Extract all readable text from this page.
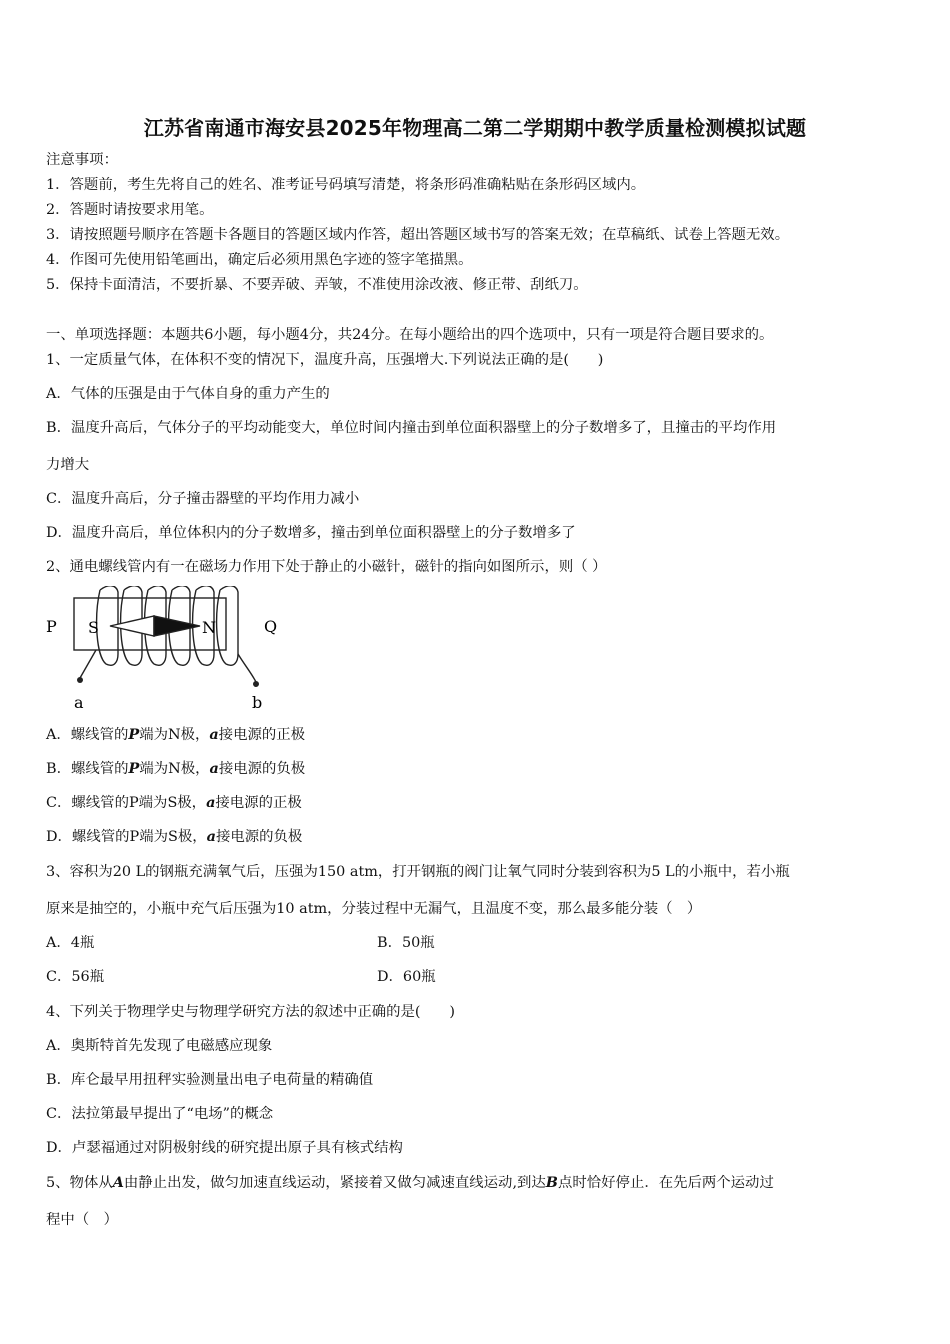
江苏省南通市海安县2025年物理高二第二学期期中教学质量检测模拟试题
注意事项：
1．答题前，考生先将自己的姓名、准考证号码填写清楚，将条形码准确粘贴在条形码区域内。
2．答题时请按要求用笔。
3．请按照题号顺序在答题卡各题目的答题区域内作答，超出答题区域书写的答案无效；在草稿纸、试卷上答题无效。
4．作图可先使用铅笔画出，确定后必须用黑色字迹的签字笔描黑。
5．保持卡面清洁，不要折暴、不要弄破、弄皱，不准使用涂改液、修正带、刮纸刀。
一、单项选择题：本题共6小题，每小题4分，共24分。在每小题给出的四个选项中，只有一项是符合题目要求的。
1、一定质量气体，在体积不变的情况下，温度升高，压强增大.下列说法正确的是(　　)
A．气体的压强是由于气体自身的重力产生的
B．温度升高后，气体分子的平均动能变大，单位时间内撞击到单位面积器壁上的分子数增多了，且撞击的平均作用
力增大
C．温度升高后，分子撞击器壁的平均作用力减小
D．温度升高后，单位体积内的分子数增多，撞击到单位面积器壁上的分子数增多了
2、通电螺线管内有一在磁场力作用下处于静止的小磁针，磁针的指向如图所示，则（ ）
P	Q
S	N
a	b
A．螺线管的P端为N极，a接电源的正极
B．螺线管的P端为N极，a接电源的负极
C．螺线管的P端为S极，a接电源的正极
D．螺线管的P端为S极，a接电源的负极
3、容积为20 L的钢瓶充满氧气后，压强为150 atm，打开钢瓶的阀门让氧气同时分装到容积为5 L的小瓶中，若小瓶
原来是抽空的，小瓶中充气后压强为10 atm，分装过程中无漏气，且温度不变，那么最多能分装（　）
A．4瓶	B．50瓶
C．56瓶	D．60瓶
4、下列关于物理学史与物理学研究方法的叙述中正确的是(　　)
A．奥斯特首先发现了电磁感应现象
B．库仑最早用扭秤实验测量出电子电荷量的精确值
C．法拉第最早提出了“电场”的概念
D．卢瑟福通过对阴极射线的研究提出原子具有核式结构
5、物体从A由静止出发，做匀加速直线运动，紧接着又做匀减速直线运动,到达B点时恰好停止．在先后两个运动过
程中（　）
